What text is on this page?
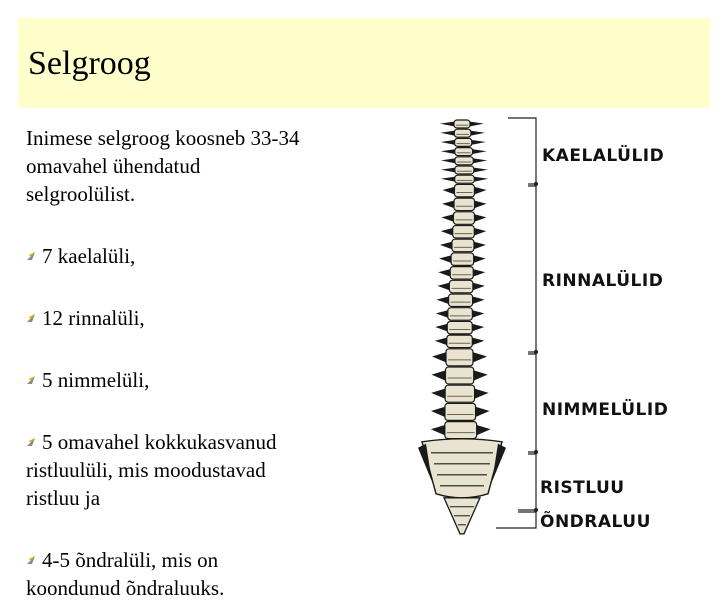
Selgroog

Inimese selgroog koosneb 33-34
omavahel ühendatud
selgroolülist.

7 kaelalüli,

12 rinnalüli,

5 nimmelüli,

5 omavahel kokkukasvanud
ristluulüli, mis moodustavad
ristluu ja

4-5 õndralüli, mis on
koondunud õndraluuks.

KAELALÜLID
RINNALÜLID
NIMMELÜLID
RISTLUU
ÕNDRALUU
